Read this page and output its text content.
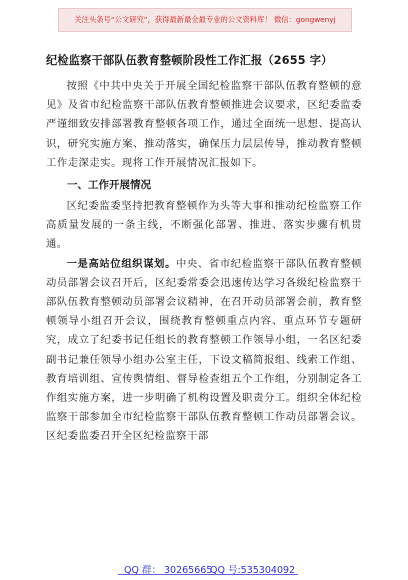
关注头条号“公文研究”，获得最新最全最专业的公文资料库！ 微信：gongwenyj
纪检监察干部队伍教育整顿阶段性工作汇报（2655 字）

按照《中共中央关于开展全国纪检监察干部队伍教育整顿的意见》及省市纪检监察干部队伍教育整顿推进会议要求，区纪委监委严谨细致安排部署教育整顿各项工作，通过全面统一思想、提高认识，研究实施方案、推动落实，确保压力层层传导，推动教育整顿工作走深走实。现将工作开展情况汇报如下。

一、工作开展情况

区纪委监委坚持把教育整顿作为头等大事和推动纪检监察工作高质量发展的一条主线，不断强化部署、推进、落实步骤有机贯通。

一是高站位组织谋划。中央、省市纪检监察干部队伍教育整顿动员部署会议召开后，区纪委常委会迅速传达学习各级纪检监察干部队伍教育整顿动员部署会议精神，在召开动员部署会前，教育整顿领导小组召开会议，围绕教育整顿重点内容、重点环节专题研究，成立了纪委书记任组长的教育整顿工作领导小组，一名区纪委副书记兼任领导小组办公室主任，下设文稿简报组、线索工作组、教育培训组、宣传舆情组、督导检查组五个工作组，分别制定各工作组实施方案，进一步明确了机构设置及职责分工。组织全体纪检监察干部参加全市纪检监察干部队伍教育整顿工作动员部署会议。区纪委监委召开全区纪检监察干部

QQ 群： 30265665
QQ 号:535304092
